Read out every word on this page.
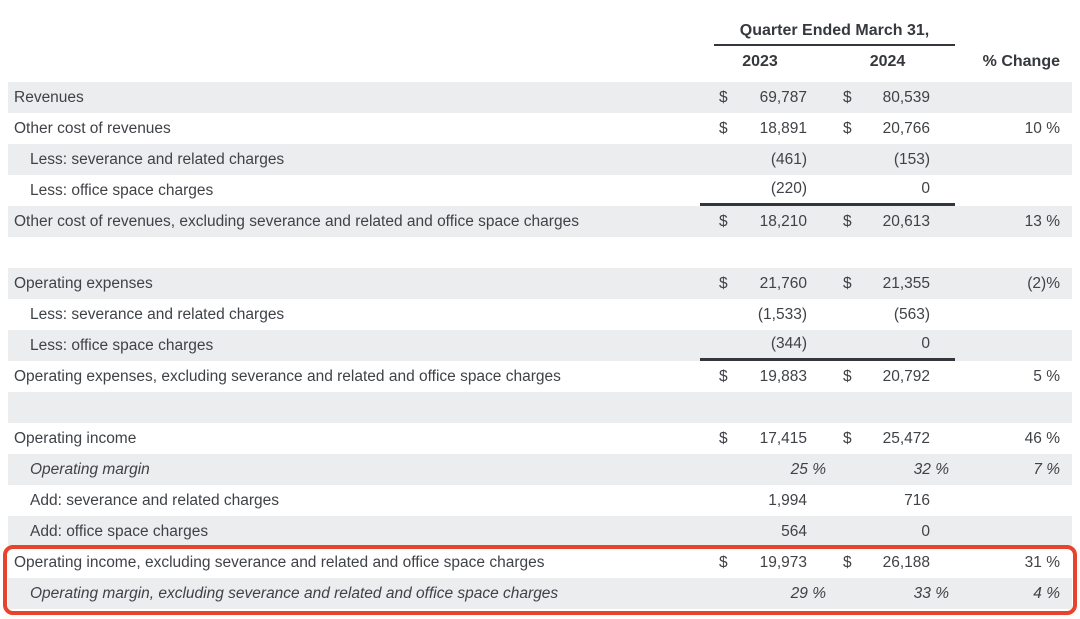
Quarter Ended March 31,
2023	2024	% Change
Revenues	$ 69,787 $ 80,539
Other cost of revenues	$ 18,891 $ 20,766	10 %
Less: severance and related charges	(461)	(153)
Less: office space charges	(220)	0
Other cost of revenues, excluding severance and related and office space charges	$ 18,210 $ 20,613	13 %
Operating expenses	$ 21,760 $ 21,355	(2)%
Less: severance and related charges	(1,533)	(563)
Less: office space charges	(344)	0
Operating expenses, excluding severance and related and office space charges	$ 19,883 $ 20,792	5 %
Operating income	$ 17,415 $ 25,472	46 %
Operating margin	25 %	32 %	7 %
Add: severance and related charges	1,994	716
Add: office space charges	564	0
Operating income, excluding severance and related and office space charges	$ 19,973 $ 26,188	31 %
Operating margin, excluding severance and related and office space charges	29 %	33 %	4 %
